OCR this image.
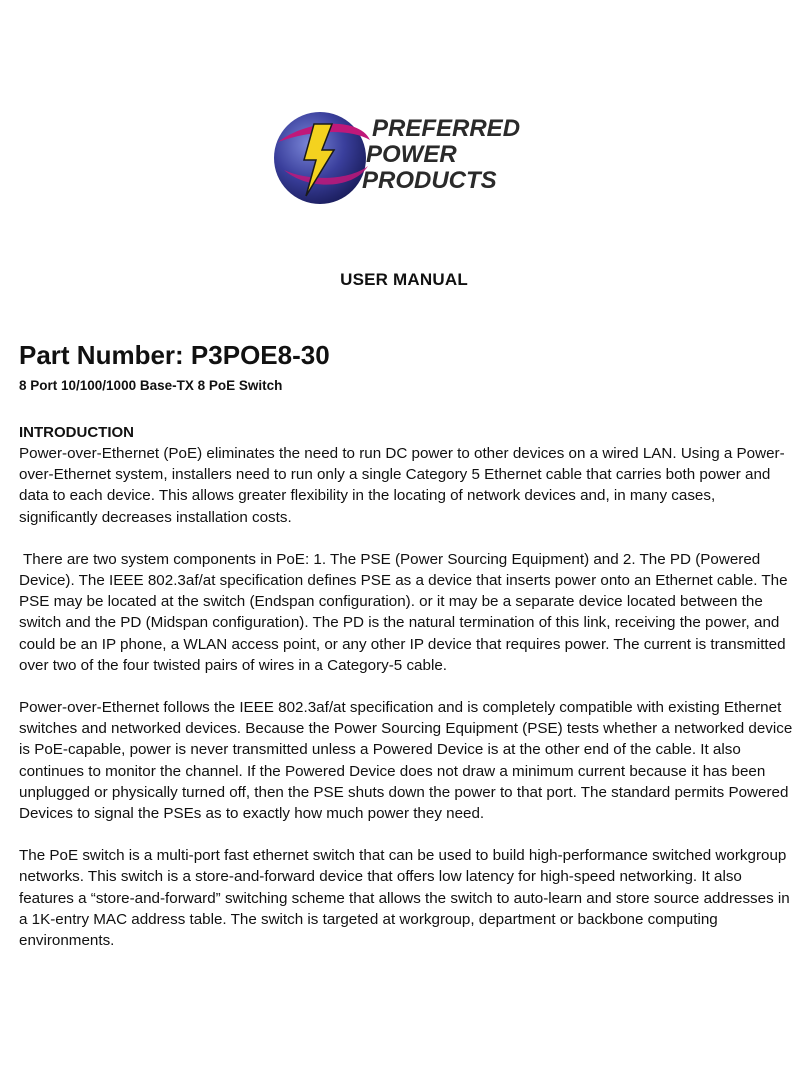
PREFERRED
POWER
PRODUCTS
USER MANUAL
Part Number: P3POE8-30
8 Port 10/100/1000 Base-TX 8 PoE Switch

INTRODUCTION

Power-over-Ethernet (PoE) eliminates the need to run DC power to other devices on a wired LAN. Using a Power-over-Ethernet system, installers need to run only a single Category 5 Ethernet cable that carries both power and data to each device. This allows greater flexibility in the locating of network devices and, in many cases, significantly decreases installation costs.

There are two system components in PoE: 1. The PSE (Power Sourcing Equipment) and 2. The PD (Powered Device). The IEEE 802.3af/at specification defines PSE as a device that inserts power onto an Ethernet cable. The PSE may be located at the switch (Endspan configuration). or it may be a separate device located between the switch and the PD (Midspan configuration). The PD is the natural termination of this link, receiving the power, and could be an IP phone, a WLAN access point, or any other IP device that requires power. The current is transmitted over two of the four twisted pairs of wires in a Category-5 cable.

Power-over-Ethernet follows the IEEE 802.3af/at specification and is completely compatible with existing Ethernet switches and networked devices. Because the Power Sourcing Equipment (PSE) tests whether a networked device is PoE-capable, power is never transmitted unless a Powered Device is at the other end of the cable. It also continues to monitor the channel. If the Powered Device does not draw a minimum current because it has been unplugged or physically turned off, then the PSE shuts down the power to that port. The standard permits Powered Devices to signal the PSEs as to exactly how much power they need.

The PoE switch is a multi-port fast ethernet switch that can be used to build high-performance switched workgroup networks. This switch is a store-and-forward device that offers low latency for high-speed networking. It also features a “store-and-forward” switching scheme that allows the switch to auto-learn and store source addresses in a 1K-entry MAC address table. The switch is targeted at workgroup, department or backbone computing environments.
